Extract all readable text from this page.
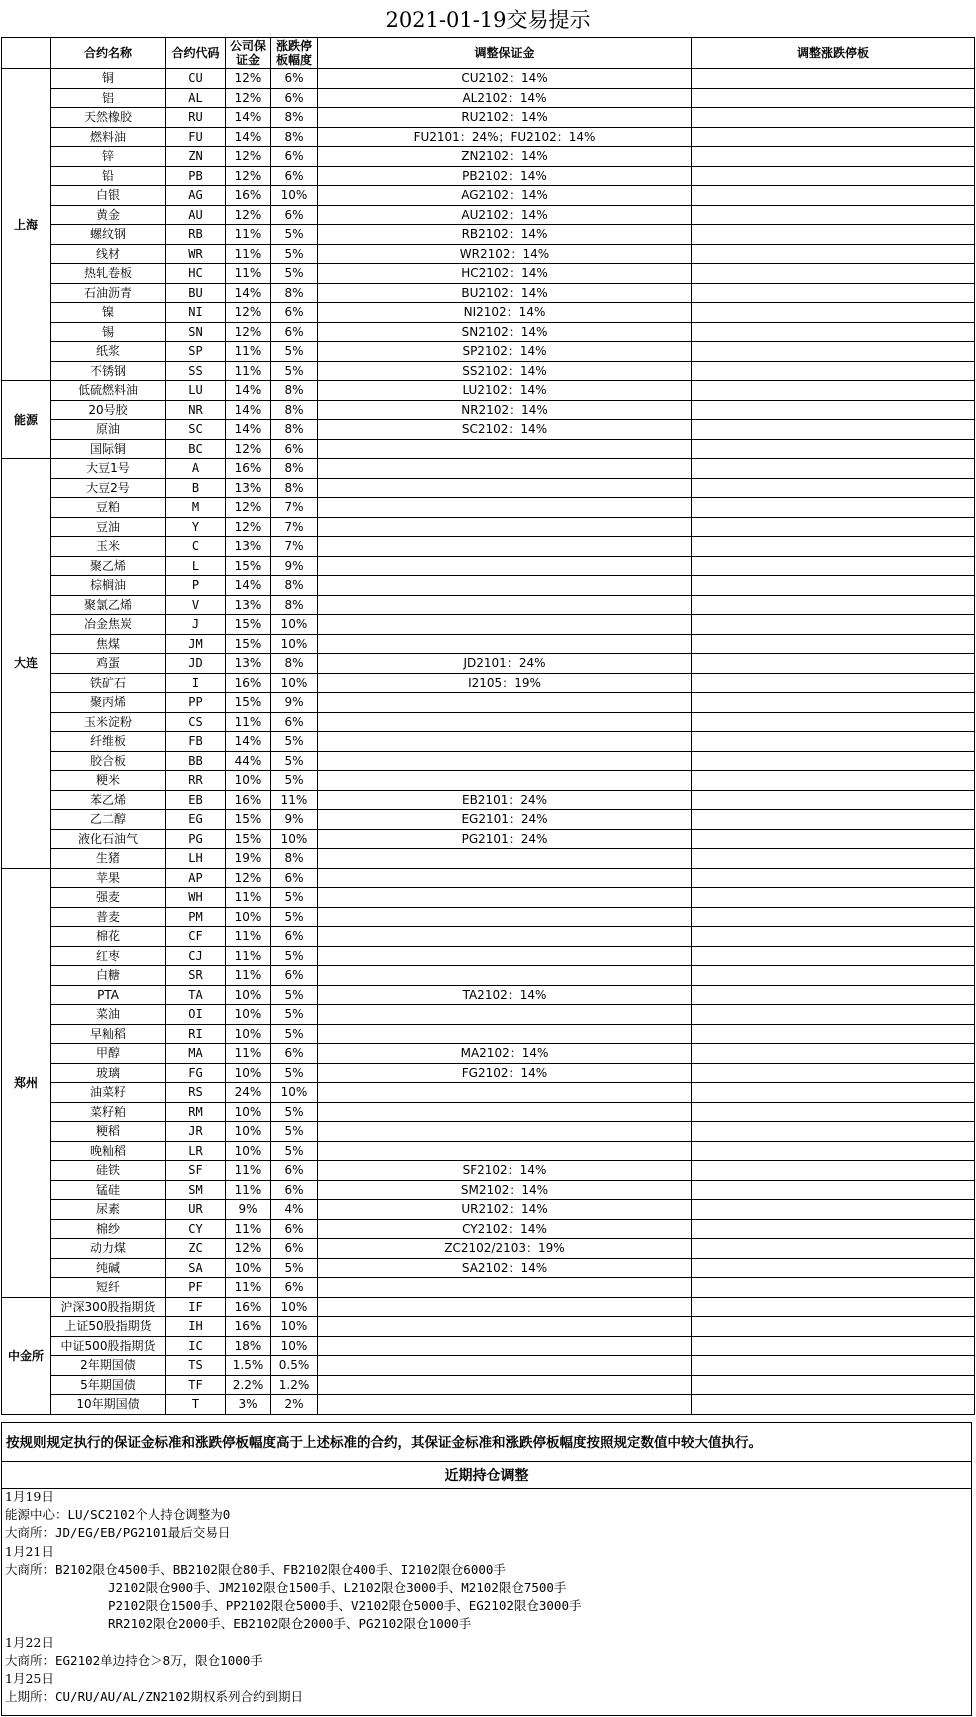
2021-01-19交易提示
	合约名称	合约代码	公司保证金	涨跌停板幅度	调整保证金	调整涨跌停板
上海	铜	CU	12%	6%	CU2102：14%	
	铝	AL	12%	6%	AL2102：14%	
	天然橡胶	RU	14%	8%	RU2102：14%	
	燃料油	FU	14%	8%	FU2101：24%；FU2102：14%	
	锌	ZN	12%	6%	ZN2102：14%	
	铅	PB	12%	6%	PB2102：14%	
	白银	AG	16%	10%	AG2102：14%	
	黄金	AU	12%	6%	AU2102：14%	
	螺纹钢	RB	11%	5%	RB2102：14%	
	线材	WR	11%	5%	WR2102：14%	
	热轧卷板	HC	11%	5%	HC2102：14%	
	石油沥青	BU	14%	8%	BU2102：14%	
	镍	NI	12%	6%	NI2102：14%	
	锡	SN	12%	6%	SN2102：14%	
	纸浆	SP	11%	5%	SP2102：14%	
	不锈钢	SS	11%	5%	SS2102：14%	
能源	低硫燃料油	LU	14%	8%	LU2102：14%	
	20号胶	NR	14%	8%	NR2102：14%	
	原油	SC	14%	8%	SC2102：14%	
	国际铜	BC	12%	6%		
大连	大豆1号	A	16%	8%		
	大豆2号	B	13%	8%		
	豆粕	M	12%	7%		
	豆油	Y	12%	7%		
	玉米	C	13%	7%		
	聚乙烯	L	15%	9%		
	棕榈油	P	14%	8%		
	聚氯乙烯	V	13%	8%		
	冶金焦炭	J	15%	10%		
	焦煤	JM	15%	10%		
	鸡蛋	JD	13%	8%	JD2101：24%	
	铁矿石	I	16%	10%	I2105：19%	
	聚丙烯	PP	15%	9%		
	玉米淀粉	CS	11%	6%		
	纤维板	FB	14%	5%		
	胶合板	BB	44%	5%		
	粳米	RR	10%	5%		
	苯乙烯	EB	16%	11%	EB2101：24%	
	乙二醇	EG	15%	9%	EG2101：24%	
	液化石油气	PG	15%	10%	PG2101：24%	
	生猪	LH	19%	8%		
郑州	苹果	AP	12%	6%		
	强麦	WH	11%	5%		
	普麦	PM	10%	5%		
	棉花	CF	11%	6%		
	红枣	CJ	11%	5%		
	白糖	SR	11%	6%		
	PTA	TA	10%	5%	TA2102：14%	
	菜油	OI	10%	5%		
	早籼稻	RI	10%	5%		
	甲醇	MA	11%	6%	MA2102：14%	
	玻璃	FG	10%	5%	FG2102：14%	
	油菜籽	RS	24%	10%		
	菜籽粕	RM	10%	5%		
	粳稻	JR	10%	5%		
	晚籼稻	LR	10%	5%		
	硅铁	SF	11%	6%	SF2102：14%	
	锰硅	SM	11%	6%	SM2102：14%	
	尿素	UR	9%	4%	UR2102：14%	
	棉纱	CY	11%	6%	CY2102：14%	
	动力煤	ZC	12%	6%	ZC2102/2103：19%	
	纯碱	SA	10%	5%	SA2102：14%	
	短纤	PF	11%	6%		
中金所	沪深300股指期货	IF	16%	10%		
	上证50股指期货	IH	16%	10%		
	中证500股指期货	IC	18%	10%		
	2年期国债	TS	1.5%	0.5%		
	5年期国债	TF	2.2%	1.2%		
	10年期国债	T	3%	2%		
按规则规定执行的保证金标准和涨跌停板幅度高于上述标准的合约，其保证金标准和涨跌停板幅度按照规定数值中较大值执行。
近期持仓调整
1月19日
能源中心：LU/SC2102个人持仓调整为0
大商所：JD/EG/EB/PG2101最后交易日
1月21日
大商所：B2102限仓4500手、BB2102限仓80手、FB2102限仓400手、I2102限仓6000手
J2102限仓900手、JM2102限仓1500手、L2102限仓3000手、M2102限仓7500手
P2102限仓1500手、PP2102限仓5000手、V2102限仓5000手、EG2102限仓3000手
RR2102限仓2000手、EB2102限仓2000手、PG2102限仓1000手
1月22日
大商所：EG2102单边持仓＞8万，限仓1000手
1月25日
上期所：CU/RU/AU/AL/ZN2102期权系列合约到期日
